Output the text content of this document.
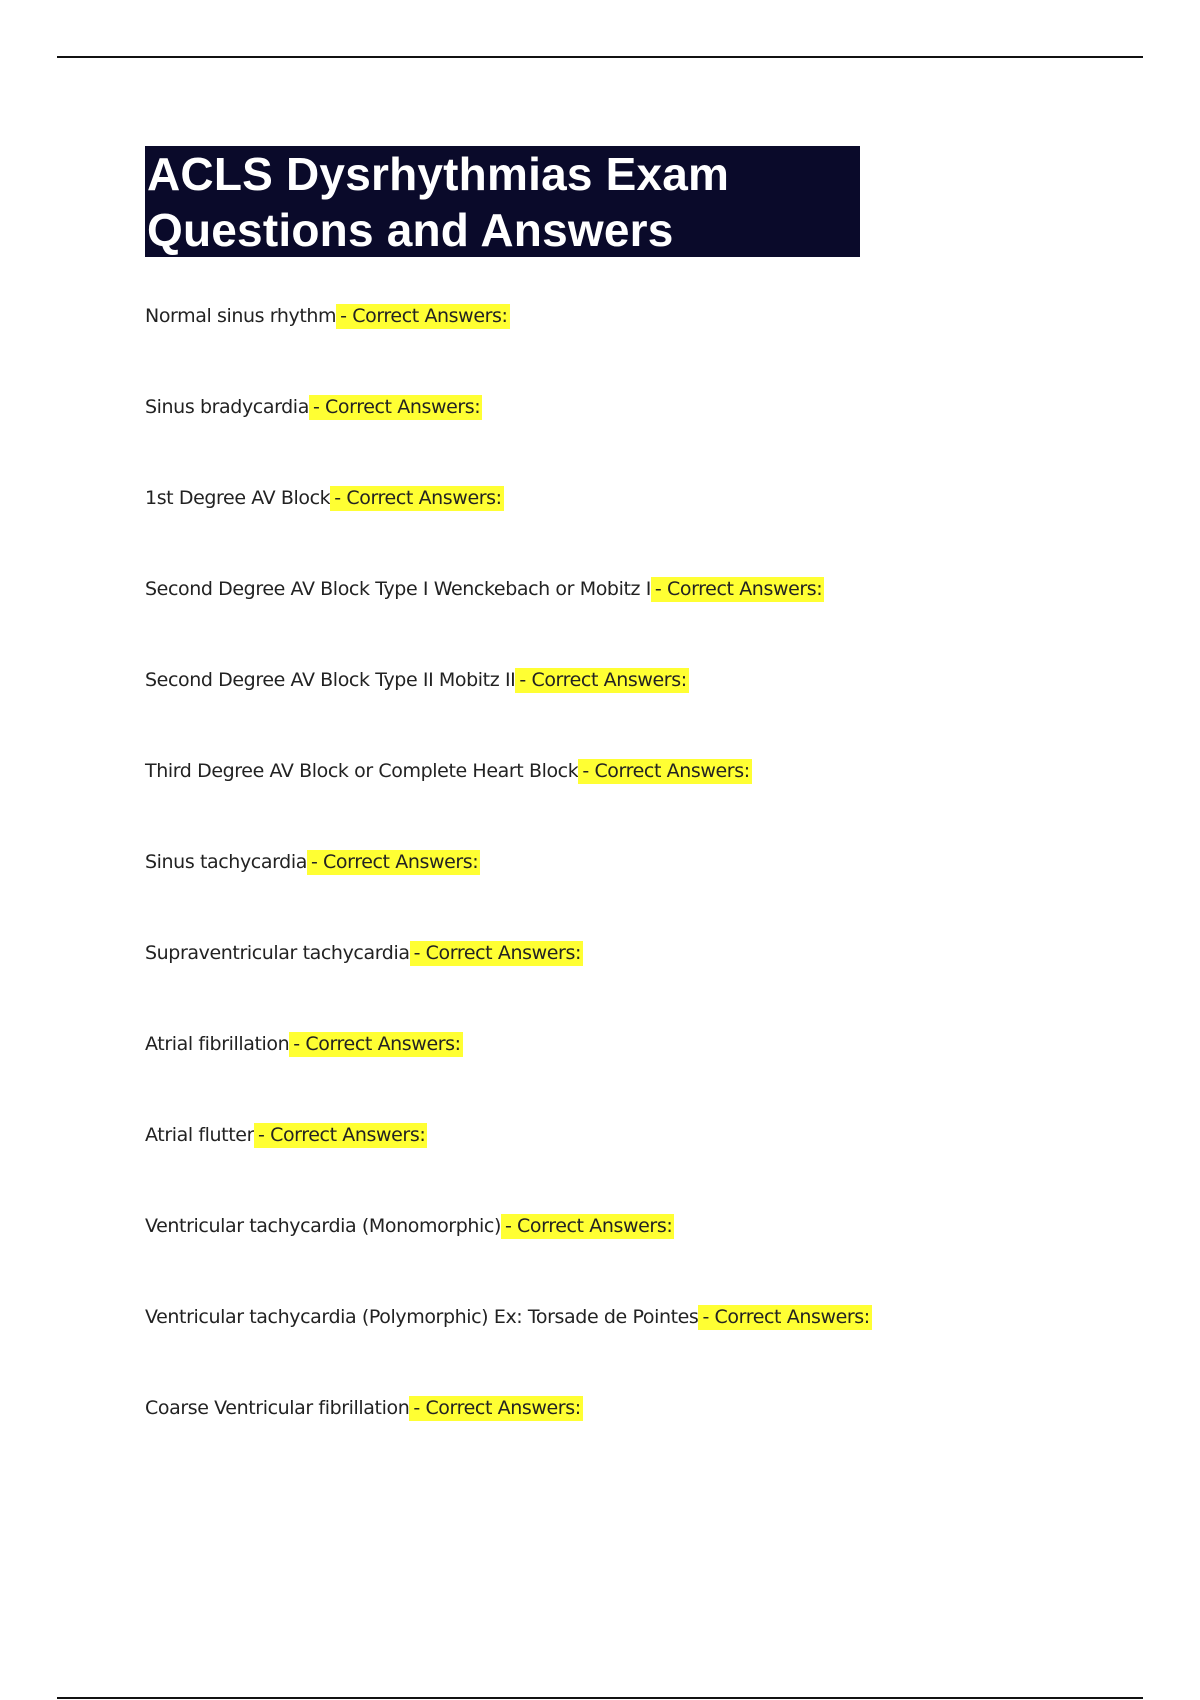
ACLS Dysrhythmias Exam Questions and Answers
Normal sinus rhythm - Correct Answers:
Sinus bradycardia - Correct Answers:
1st Degree AV Block - Correct Answers:
Second Degree AV Block Type I Wenckebach or Mobitz I - Correct Answers:
Second Degree AV Block Type II Mobitz II - Correct Answers:
Third Degree AV Block or Complete Heart Block - Correct Answers:
Sinus tachycardia - Correct Answers:
Supraventricular tachycardia - Correct Answers:
Atrial fibrillation - Correct Answers:
Atrial flutter - Correct Answers:
Ventricular tachycardia (Monomorphic) - Correct Answers:
Ventricular tachycardia (Polymorphic) Ex: Torsade de Pointes - Correct Answers:
Coarse Ventricular fibrillation - Correct Answers:
